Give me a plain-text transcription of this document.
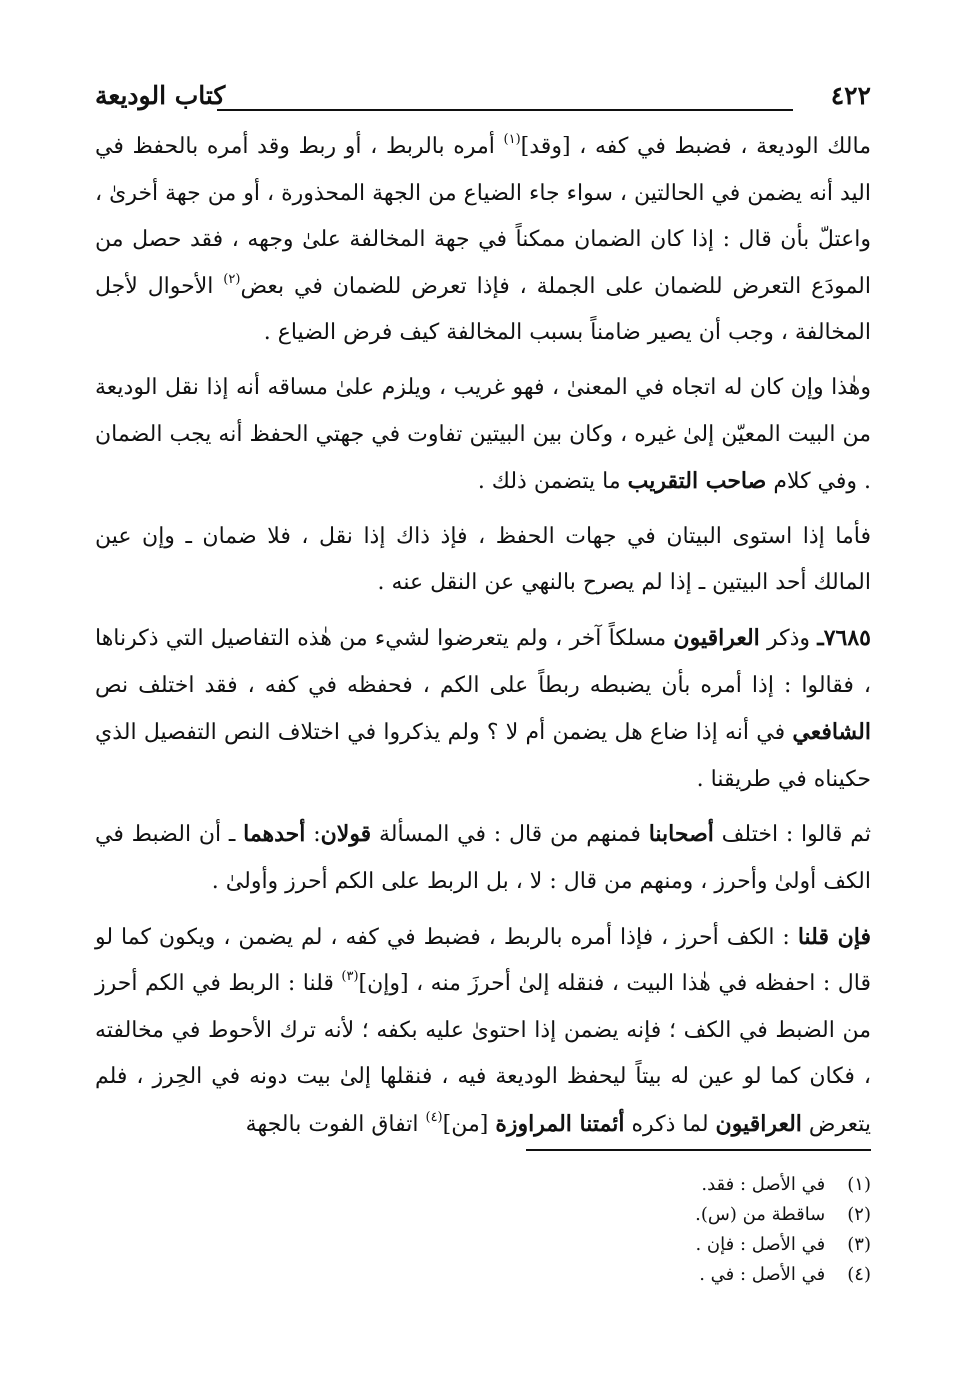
٤٢٢
كتاب الوديعة

مالك الوديعة ، فضبط في كفه ، [وقد]$^{(١)}$ أمره بالربط ، أو ربط وقد أمره بالحفظ في اليد أنه يضمن في الحالتين ، سواء جاء الضياع من الجهة المحذورة ، أو من جهة أخرىٰ ، واعتلّ بأن قال : إذا كان الضمان ممكناً في جهة المخالفة علىٰ وجهه ، فقد حصل من المودَع التعرض للضمان على الجملة ، فإذا تعرض للضمان في بعض$^{(٢)}$ الأحوال لأجل المخالفة ، وجب أن يصير ضامناً بسبب المخالفة كيف فرض الضياع .

وهٰذا وإن كان له اتجاه في المعنىٰ ، فهو غريب ، ويلزم علىٰ مساقه أنه إذا نقل الوديعة من البيت المعيّن إلىٰ غيره ، وكان بين البيتين تفاوت في جهتي الحفظ أنه يجب الضمان . وفي كلام صاحب التقريب ما يتضمن ذلك .

فأما إذا استوى البيتان في جهات الحفظ ، فإذ ذاك إذا نقل ، فلا ضمان ـ وإن عين المالك أحد البيتين ـ إذا لم يصرح بالنهي عن النقل عنه .

٧٦٨٥ـ وذكر العراقيون مسلكاً آخر ، ولم يتعرضوا لشيء من هٰذه التفاصيل التي ذكرناها ، فقالوا : إذا أمره بأن يضبطه ربطاً على الكم ، فحفظه في كفه ، فقد اختلف نص الشافعي في أنه إذا ضاع هل يضمن أم لا ؟ ولم يذكروا في اختلاف النص التفصيل الذي حكيناه في طريقنا .

ثم قالوا : اختلف أصحابنا فمنهم من قال : في المسألة قولان: أحدهما ـ أن الضبط في الكف أولىٰ وأحرز ، ومنهم من قال : لا ، بل الربط على الكم أحرز وأولىٰ .

فإن قلنا : الكف أحرز ، فإذا أمره بالربط ، فضبط في كفه ، لم يضمن ، ويكون كما لو قال : احفظه في هٰذا البيت ، فنقله إلىٰ أحرزَ منه ، [وإن]$^{(٣)}$ قلنا : الربط في الكم أحرز من الضبط في الكف ؛ فإنه يضمن إذا احتوىٰ عليه بكفه ؛ لأنه ترك الأحوط في مخالفته ، فكان كما لو عين له بيتاً ليحفظ الوديعة فيه ، فنقلها إلىٰ بيت دونه في الحِرز ، فلم يتعرض العراقيون لما ذكره أئمتنا المراوزة [من]$^{(٤)}$ اتفاق الفوت بالجهة

(١) في الأصل : فقد.
(٢) ساقطة من (س).
(٣) في الأصل : فإن .
(٤) في الأصل : في .
